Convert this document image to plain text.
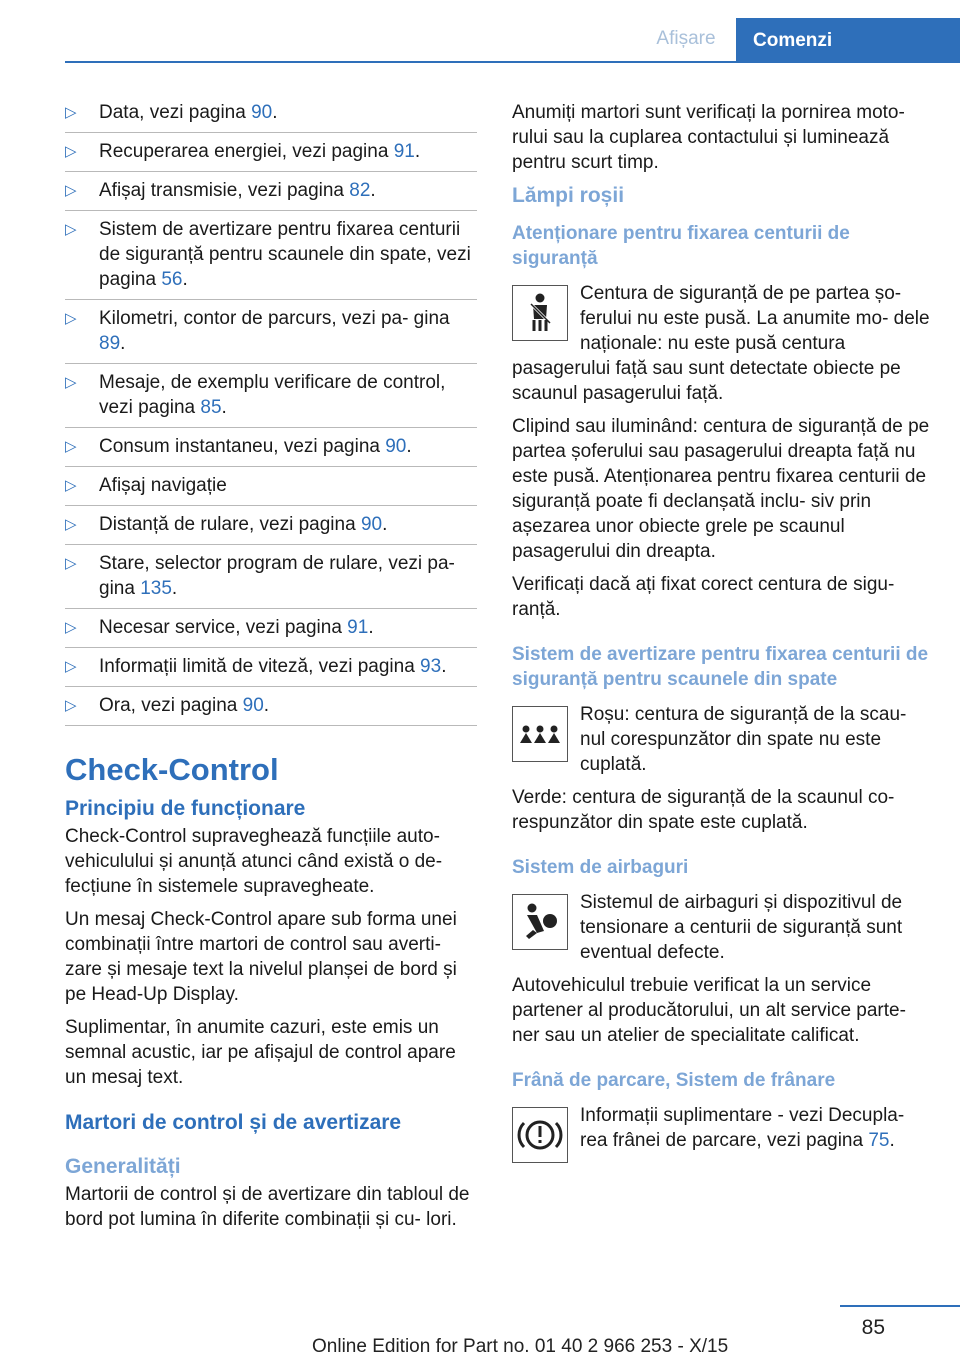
Afișare	Comenzi
▷ Data, vezi pagina 90.
▷ Recuperarea energiei, vezi pagina 91.
▷ Afișaj transmisie, vezi pagina 82.
▷ Sistem de avertizare pentru fixarea centurii de siguranță pentru scaunele din spate, vezi pagina 56.
▷ Kilometri, contor de parcurs, vezi pa- gina 89.
▷ Mesaje, de exemplu verificare de control, vezi pagina 85.
▷ Consum instantaneu, vezi pagina 90.
▷ Afișaj navigație
▷ Distanță de rulare, vezi pagina 90.
▷ Stare, selector program de rulare, vezi pa- gina 135.
▷ Necesar service, vezi pagina 91.
▷ Informații limită de viteză, vezi pagina 93.
▷ Ora, vezi pagina 90.
Check-Control
Principiu de funcționare

Check-Control supraveghează funcțiile auto- vehiculului și anunță atunci când există o de- fecțiune în sistemele supravegheate.

Un mesaj Check-Control apare sub forma unei combinații între martori de control sau averti- zare și mesaje text la nivelul planșei de bord și pe Head-Up Display.

Suplimentar, în anumite cazuri, este emis un semnal acustic, iar pe afișajul de control apare un mesaj text.

Martori de control și de avertizare
Generalități

Martorii de control și de avertizare din tabloul de bord pot lumina în diferite combinații și cu- lori.

Anumiți martori sunt verificați la pornirea moto- rului sau la cuplarea contactului și luminează pentru scurt timp.

Lămpi roșii
Atenționare pentru fixarea centurii de siguranță

Centura de siguranță de pe partea șo- ferului nu este pusă. La anumite mo- dele naționale: nu este pusă centura pasagerului față sau sunt detectate obiecte pe scaunul pasagerului față.

Clipind sau iluminând: centura de siguranță de pe partea șoferului sau pasagerului dreapta față nu este pusă. Atenționarea pentru fixarea centurii de siguranță poate fi declanșată inclu- siv prin așezarea unor obiecte grele pe scaunul pasagerului din dreapta.

Verificați dacă ați fixat corect centura de sigu- ranță.

Sistem de avertizare pentru fixarea centurii de siguranță pentru scaunele din spate

Roșu: centura de siguranță de la scau- nul corespunzător din spate nu este cuplată.

Verde: centura de siguranță de la scaunul co- respunzător din spate este cuplată.

Sistem de airbaguri

Sistemul de airbaguri și dispozitivul de tensionare a centurii de siguranță sunt eventual defecte.

Autovehiculul trebuie verificat la un service partener al producătorului, un alt service parte- ner sau un atelier de specialitate calificat.

Frână de parcare, Sistem de frânare

Informații suplimentare - vezi Decupla- rea frânei de parcare, vezi pagina 75.

85
Online Edition for Part no. 01 40 2 966 253 - X/15
